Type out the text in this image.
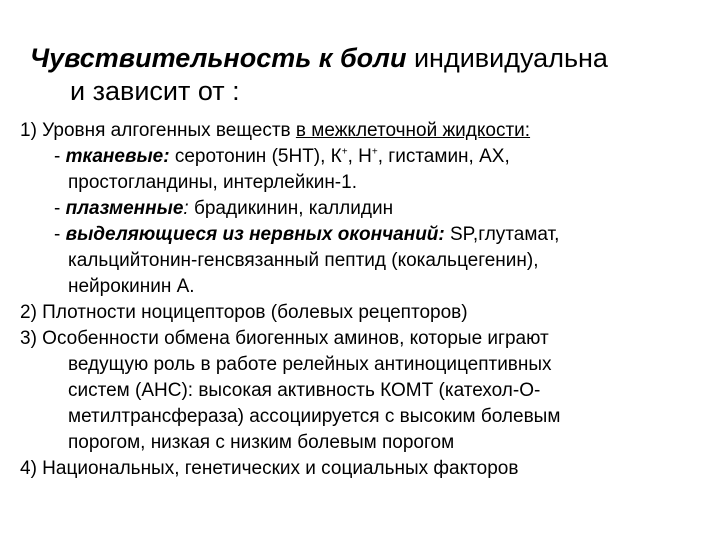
Чувствительность к боли индивидуальна
и зависит от :
1) Уровня алгогенных веществ в межклеточной жидкости:
- тканевые: серотонин (5НТ), К+, Н+, гистамин, АХ,
простогландины, интерлейкин-1.
- плазменные: брадикинин, каллидин
- выделяющиеся из нервных окончаний: SP,глутамат,
кальцийтонин-генсвязанный пептид (кокальцегенин),
нейрокинин А.
2) Плотности ноцицепторов (болевых рецепторов)
3) Особенности обмена биогенных аминов, которые играют
ведущую роль в работе релейных антиноцицептивных
систем (АНС): высокая активность КОМТ (катехол-О-
метилтрансфераза) ассоциируется с высоким болевым
порогом, низкая с низким болевым порогом
4) Национальных, генетических и социальных факторов
